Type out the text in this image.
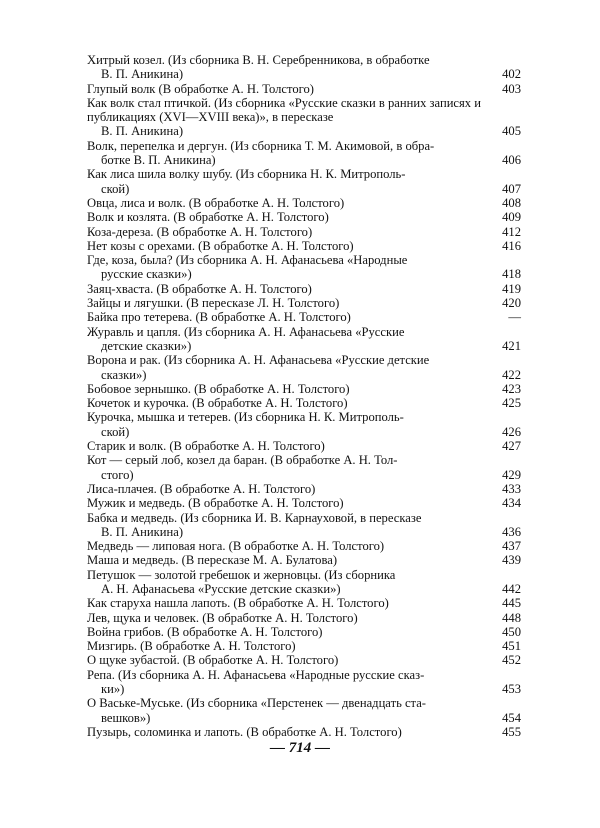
Хитрый козел. (Из сборника В. Н. Серебренникова, в обработке
В. П. Аникина)	402
Глупый волк (В обработке А. Н. Толстого)	403
Как волк стал птичкой. (Из сборника «Русские сказки в ранних записях и публикациях (XVI—XVIII века)», в пересказе
В. П. Аникина)	405
Волк, перепелка и дергун. (Из сборника Т. М. Акимовой, в обра-
ботке В. П. Аникина)	406
Как лиса шила волку шубу. (Из сборника Н. К. Митрополь-
ской)	407
Овца, лиса и волк. (В обработке А. Н. Толстого)	408
Волк и козлята. (В обработке А. Н. Толстого)	409
Коза-дереза. (В обработке А. Н. Толстого)	412
Нет козы с орехами. (В обработке А. Н. Толстого)	416
Где, коза, была? (Из сборника А. Н. Афанасьева «Народные
русские сказки»)	418
Заяц-хваста. (В обработке А. Н. Толстого)	419
Зайцы и лягушки. (В пересказе Л. Н. Толстого)	420
Байка про тетерева. (В обработке А. Н. Толстого)	—
Журавль и цапля. (Из сборника А. Н. Афанасьева «Русские
детские сказки»)	421
Ворона и рак. (Из сборника А. Н. Афанасьева «Русские детские
сказки»)	422
Бобовое зернышко. (В обработке А. Н. Толстого)	423
Кочеток и курочка. (В обработке А. Н. Толстого)	425
Курочка, мышка и тетерев. (Из сборника Н. К. Митрополь-
ской)	426
Старик и волк. (В обработке А. Н. Толстого)	427
Кот — серый лоб, козел да баран. (В обработке А. Н. Тол-
стого)	429
Лиса-плачея. (В обработке А. Н. Толстого)	433
Мужик и медведь. (В обработке А. Н. Толстого)	434
Бабка и медведь. (Из сборника И. В. Карнауховой, в пересказе
В. П. Аникина)	436
Медведь — липовая нога. (В обработке А. Н. Толстого)	437
Маша и медведь. (В пересказе М. А. Булатова)	439
Петушок — золотой гребешок и жерновцы. (Из сборника
А. Н. Афанасьева «Русские детские сказки»)	442
Как старуха нашла лапоть. (В обработке А. Н. Толстого)	445
Лев, щука и человек. (В обработке А. Н. Толстого)	448
Война грибов. (В обработке А. Н. Толстого)	450
Мизгирь. (В обработке А. Н. Толстого)	451
О щуке зубастой. (В обработке А. Н. Толстого)	452
Репа. (Из сборника А. Н. Афанасьева «Народные русские сказ-
ки»)	453
О Ваське-Муське. (Из сборника «Перстенек — двенадцать ста-
вешков»)	454
Пузырь, соломинка и лапоть. (В обработке А. Н. Толстого)	455
— 714 —
